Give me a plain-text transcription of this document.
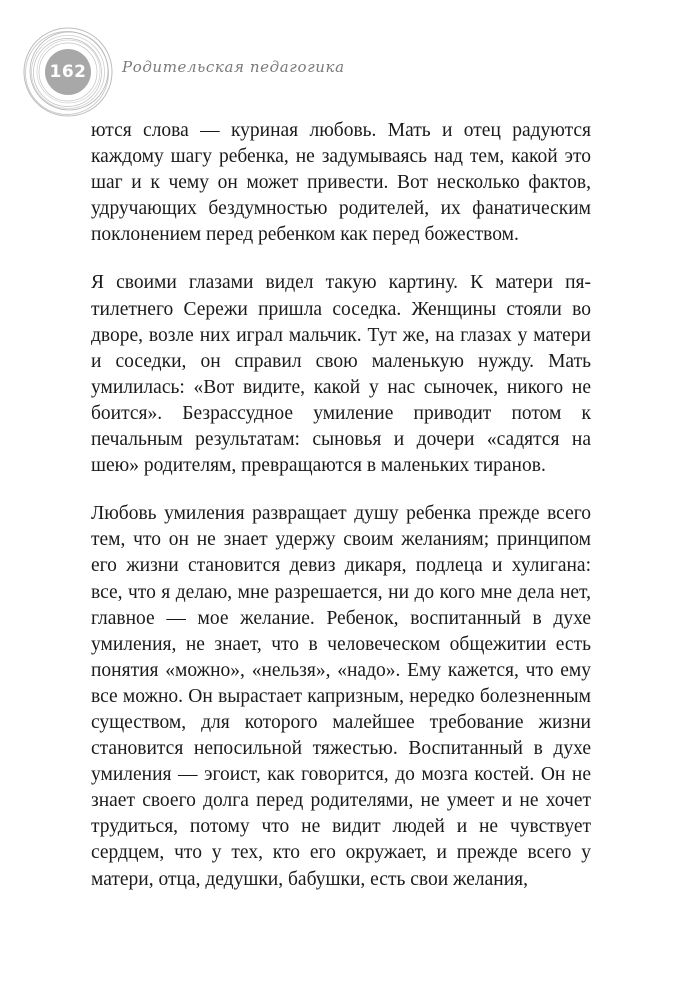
162	Родительская педагогика

ются слова — куриная любовь. Мать и отец радуются каждому шагу ребенка, не задумываясь над тем, какой это шаг и к чему он может привести. Вот несколько фактов, удручающих бездумностью родителей, их фанатическим поклонением перед ребенком как перед божеством.

Я своими глазами видел такую картину. К матери пятилетнего Сережи пришла соседка. Женщины стояли во дворе, возле них играл мальчик. Тут же, на глазах у матери и соседки, он справил свою маленькую нужду. Мать умилилась: «Вот видите, какой у нас сыночек, никого не боится». Безрассудное умиление приводит потом к печальным результатам: сыновья и дочери «садятся на шею» родителям, превращаются в маленьких тиранов.

Любовь умиления развращает душу ребенка прежде всего тем, что он не знает удержу своим желаниям; принципом его жизни становится девиз дикаря, подлеца и хулигана: все, что я делаю, мне разрешается, ни до кого мне дела нет, главное — мое желание. Ребенок, воспитанный в духе умиления, не знает, что в человеческом общежитии есть понятия «можно», «нельзя», «надо». Ему кажется, что ему все можно. Он вырастает капризным, нередко болезненным существом, для которого малейшее требование жизни становится непосильной тяжестью. Воспитанный в духе умиления — эгоист, как говорится, до мозга костей. Он не знает своего долга перед родителями, не умеет и не хочет трудиться, потому что не видит людей и не чувствует сердцем, что у тех, кто его окружает, и прежде всего у матери, отца, дедушки, бабушки, есть свои желания,
